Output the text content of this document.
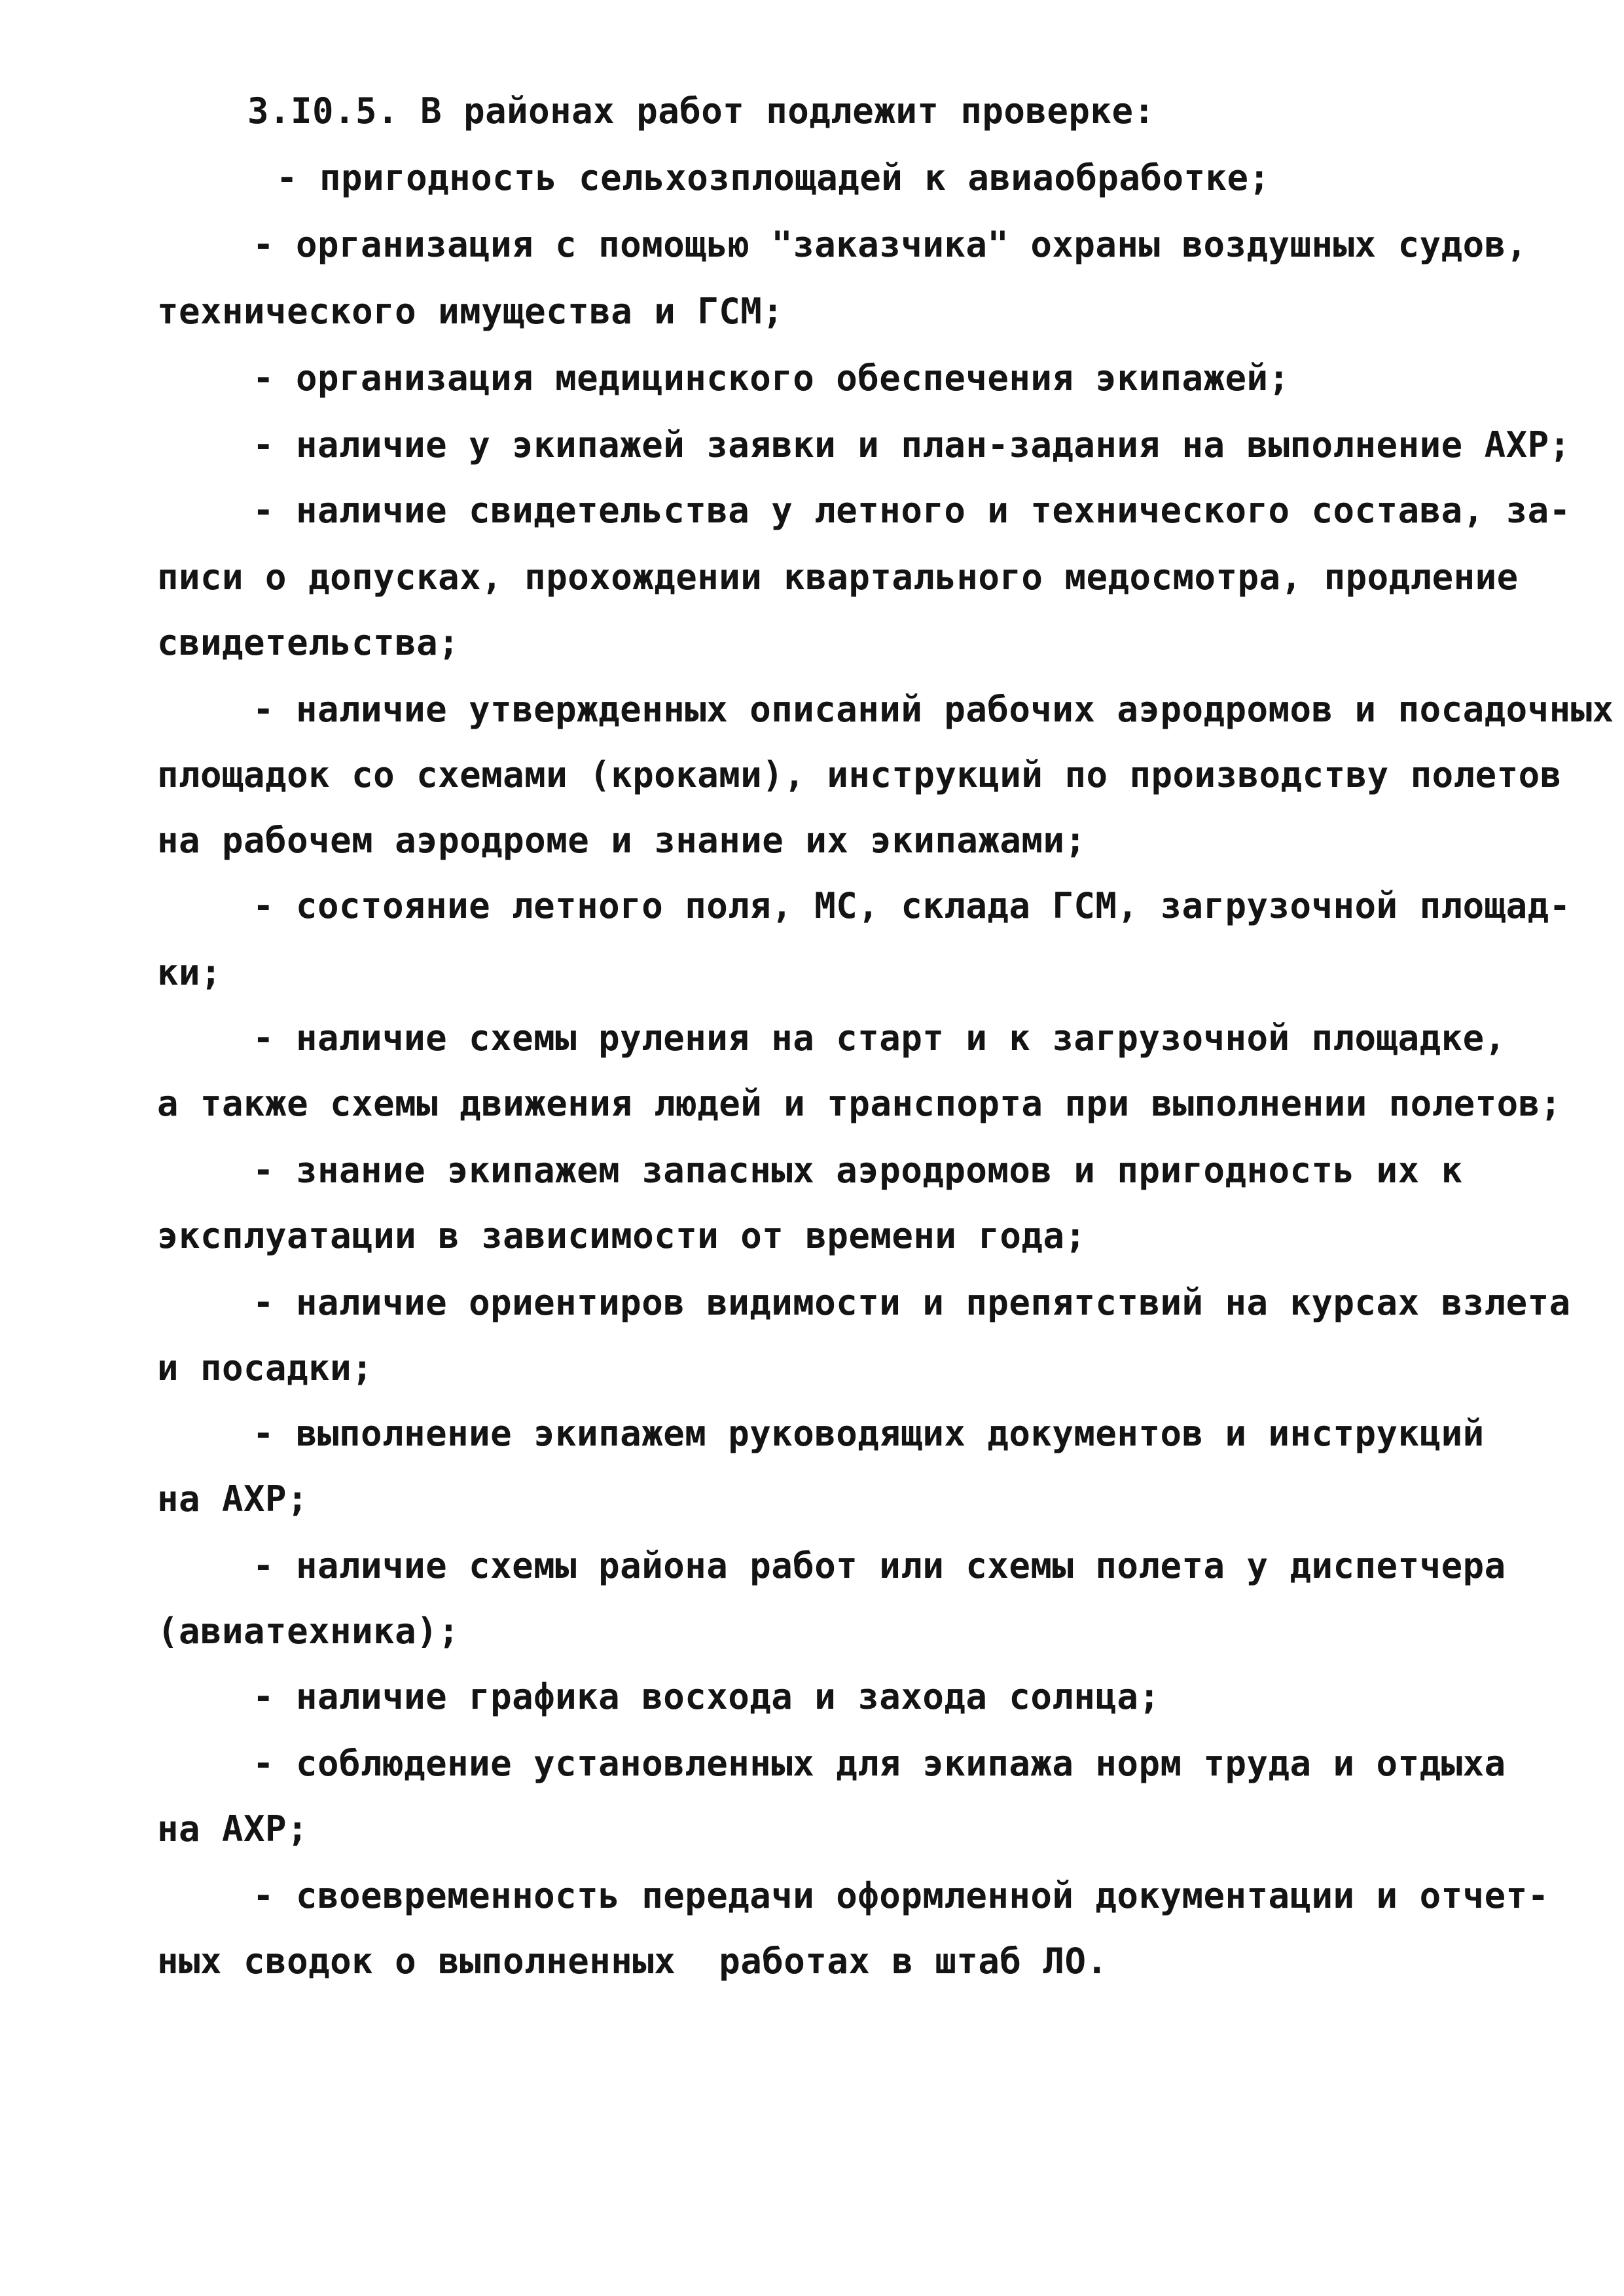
3.I0.5. В районах работ подлежит проверке:

- пригодность сельхозплощадей к авиаобработке;

- организация с помощью "заказчика" охраны воздушных судов,

технического имущества и ГСМ;

- организация медицинского обеспечения экипажей;

- наличие у экипажей заявки и план-задания на выполнение АХР;

- наличие свидетельства у летного и технического состава, за-

писи о допусках, прохождении квартального медосмотра, продление

свидетельства;

- наличие утвержденных описаний рабочих аэродромов и посадочных

площадок со схемами (кроками), инструкций по производству полетов

на рабочем аэродроме и знание их экипажами;

- состояние летного поля, МС, склада ГСМ, загрузочной площад-

ки;

- наличие схемы руления на старт и к загрузочной площадке,

а также схемы движения людей и транспорта при выполнении полетов;

- знание экипажем запасных аэродромов и пригодность их к

эксплуатации в зависимости от времени года;

- наличие ориентиров видимости и препятствий на курсах взлета

и посадки;

- выполнение экипажем руководящих документов и инструкций

на АХР;

- наличие схемы района работ или схемы полета у диспетчера

(авиатехника);

- наличие графика восхода и захода солнца;

- соблюдение установленных для экипажа норм труда и отдыха

на АХР;

- своевременность передачи оформленной документации и отчет-

ных сводок о выполненных  работах в штаб ЛО.
